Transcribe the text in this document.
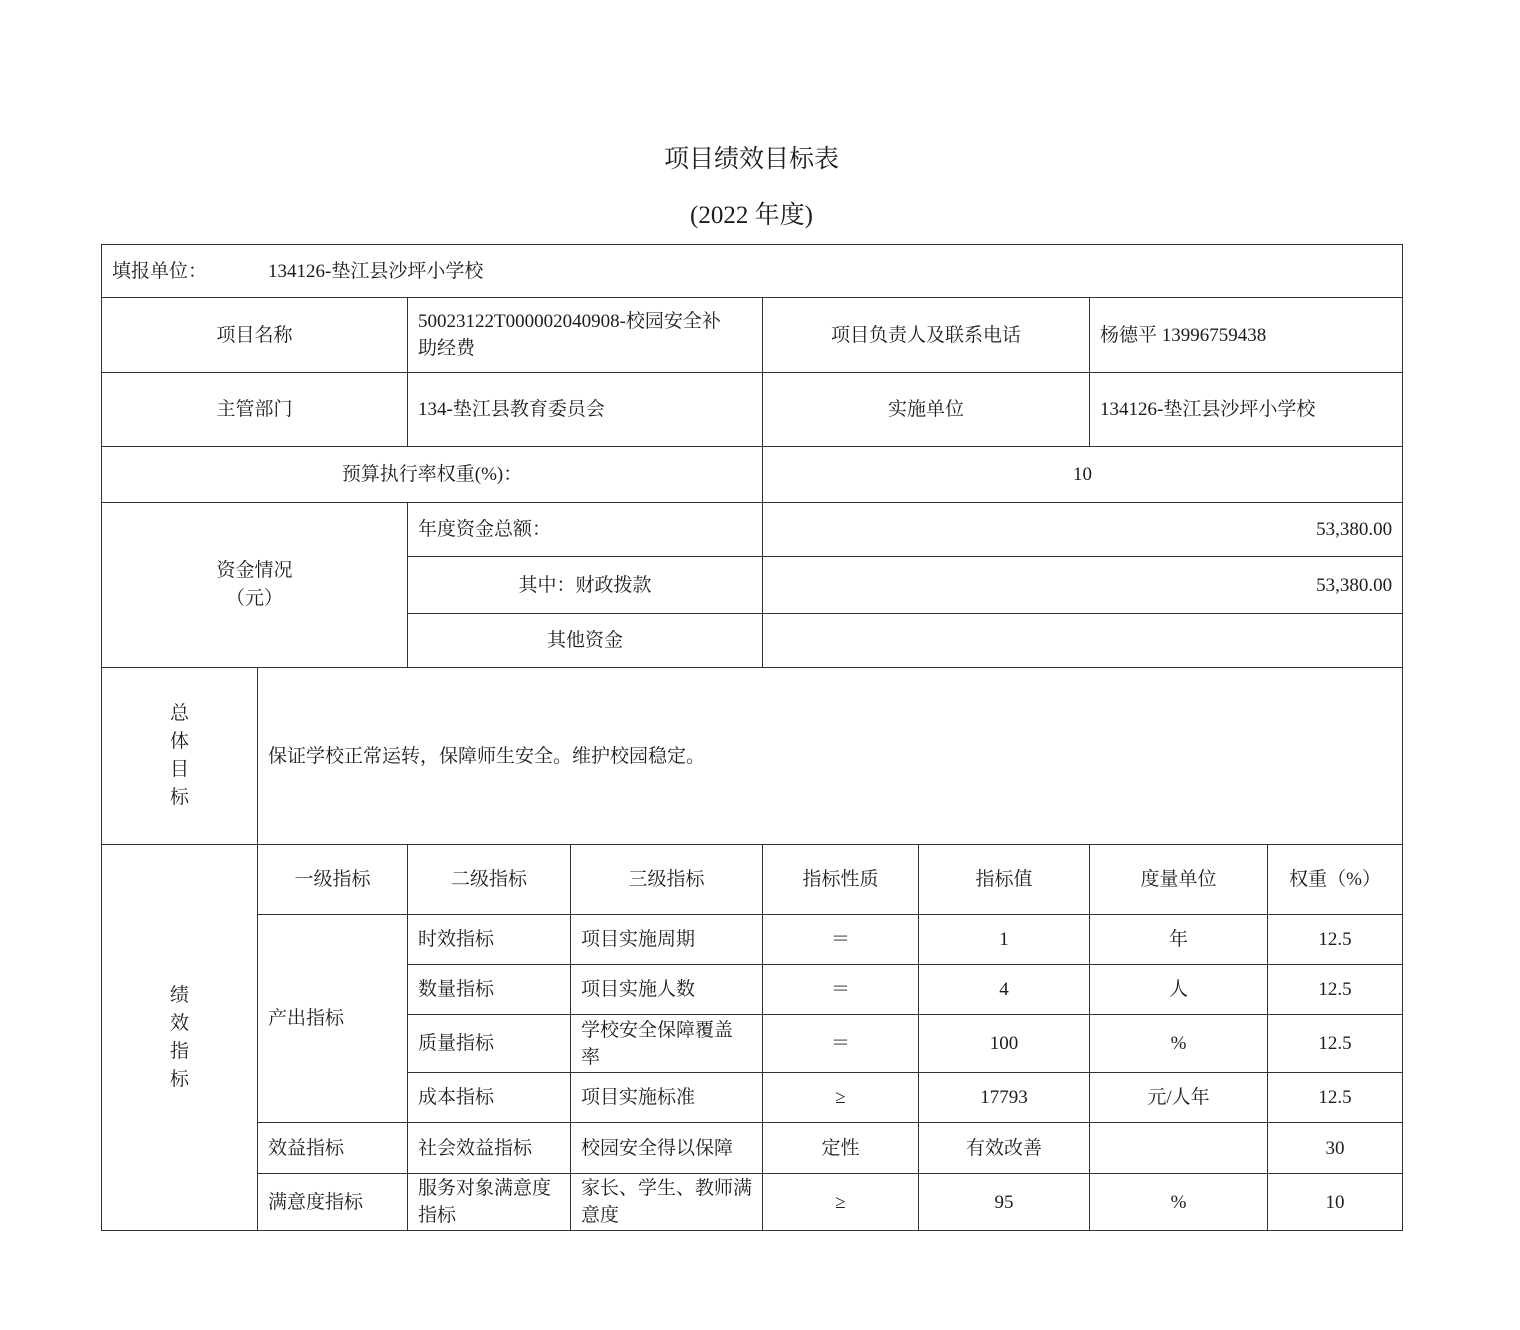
项目绩效目标表
(2022 年度)
填报单位： 134126-垫江县沙坪小学校							
项目名称		50023122T000002040908-校园安全补助经费		项目负责人及联系电话		杨德平 13996759438	
主管部门		134-垫江县教育委员会		实施单位		134126-垫江县沙坪小学校	
预算执行率权重(%)：				10			

资金情况
（元）		年度资金总额：		53,380.00			
		其中：财政拨款		53,380.00			
		其他资金					
总体目标	保证学校正常运转，保障师生安全。维护校园稳定。						
绩效指标	一级指标	二级指标	三级指标	指标性质	指标值	度量单位	权重（%）
	产出指标	时效指标	项目实施周期	＝	1	年	12.5
		数量指标	项目实施人数	＝	4	人	12.5
		质量指标	学校安全保障覆盖率	＝	100	%	12.5
		成本指标	项目实施标准	≥	17793	元/人年	12.5
	效益指标	社会效益指标	校园安全得以保障	定性	有效改善		30
	满意度指标	服务对象满意度指标	家长、学生、教师满意度	≥	95	%	10
